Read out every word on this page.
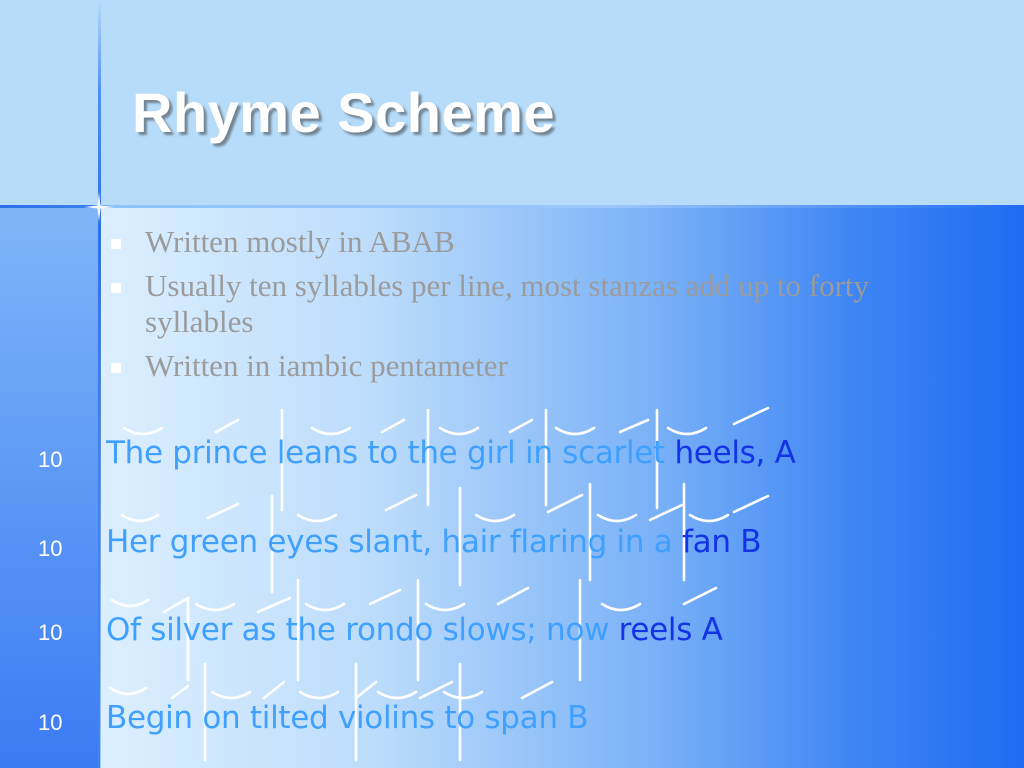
Rhyme Scheme
Written mostly in ABAB
Usually ten syllables per line, most stanzas add up to forty syllables
Written in iambic pentameter
10 The prince leans to the girl in scarlet heels, A
10 Her green eyes slant, hair flaring in a fan B
10 Of silver as the rondo slows; now reels A
10 Begin on tilted violins to span B
